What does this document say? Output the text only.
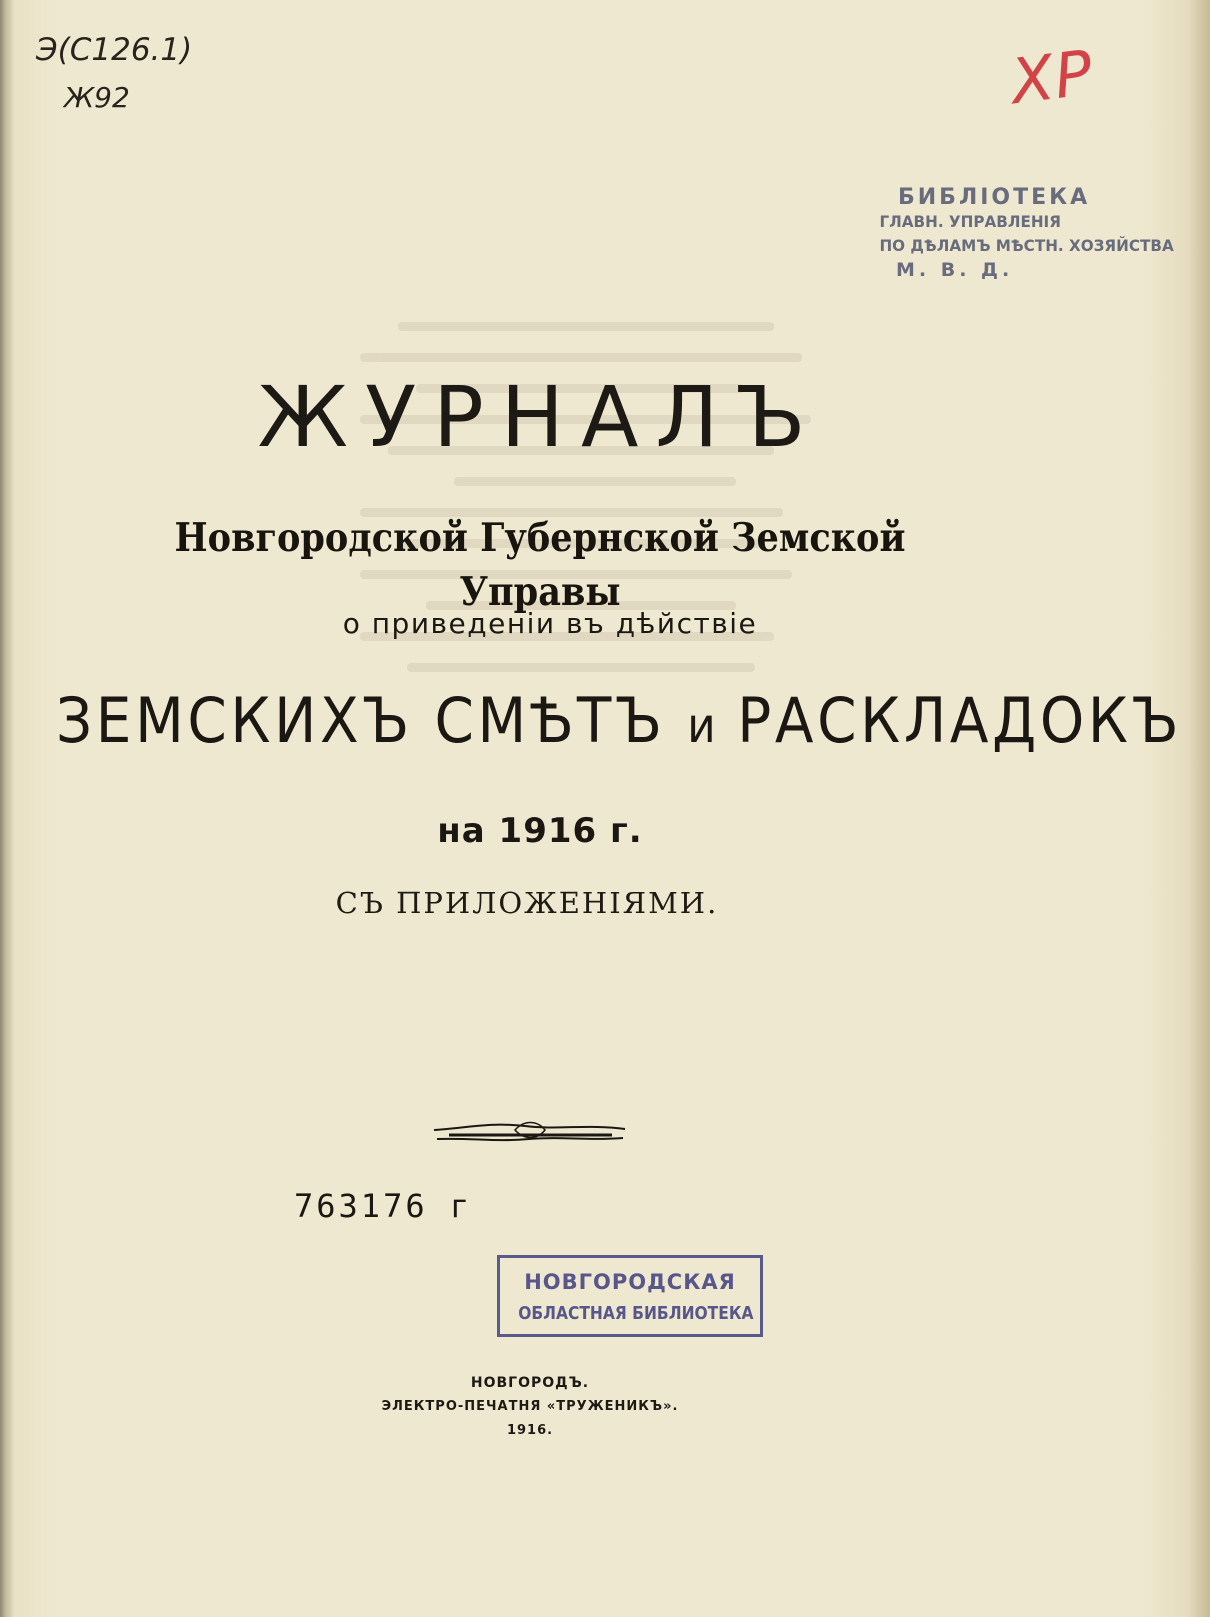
Э(С126.1)
Ж92	ХР
БИБЛІОТЕКА
ГЛАВН. УПРАВЛЕНІЯ
ПО ДѢЛАМЪ МѢСТН. ХОЗЯЙСТВА
М. В. Д.
ЖУРНАЛЪ
Новгородской Губернской Земской Управы
о приведеніи въ дѣйствіе
ЗЕМСКИХЪ СМѢТЪ и РАСКЛАДОКЪ
на 1916 г.
СЪ ПРИЛОЖЕНІЯМИ.
763176 г
НОВГОРОДСКАЯ
ОБЛАСТНАЯ БИБЛИОТЕКА
НОВГОРОДЪ.
ЭЛЕКТРО-ПЕЧАТНЯ «ТРУЖЕНИКЪ».
1916.
